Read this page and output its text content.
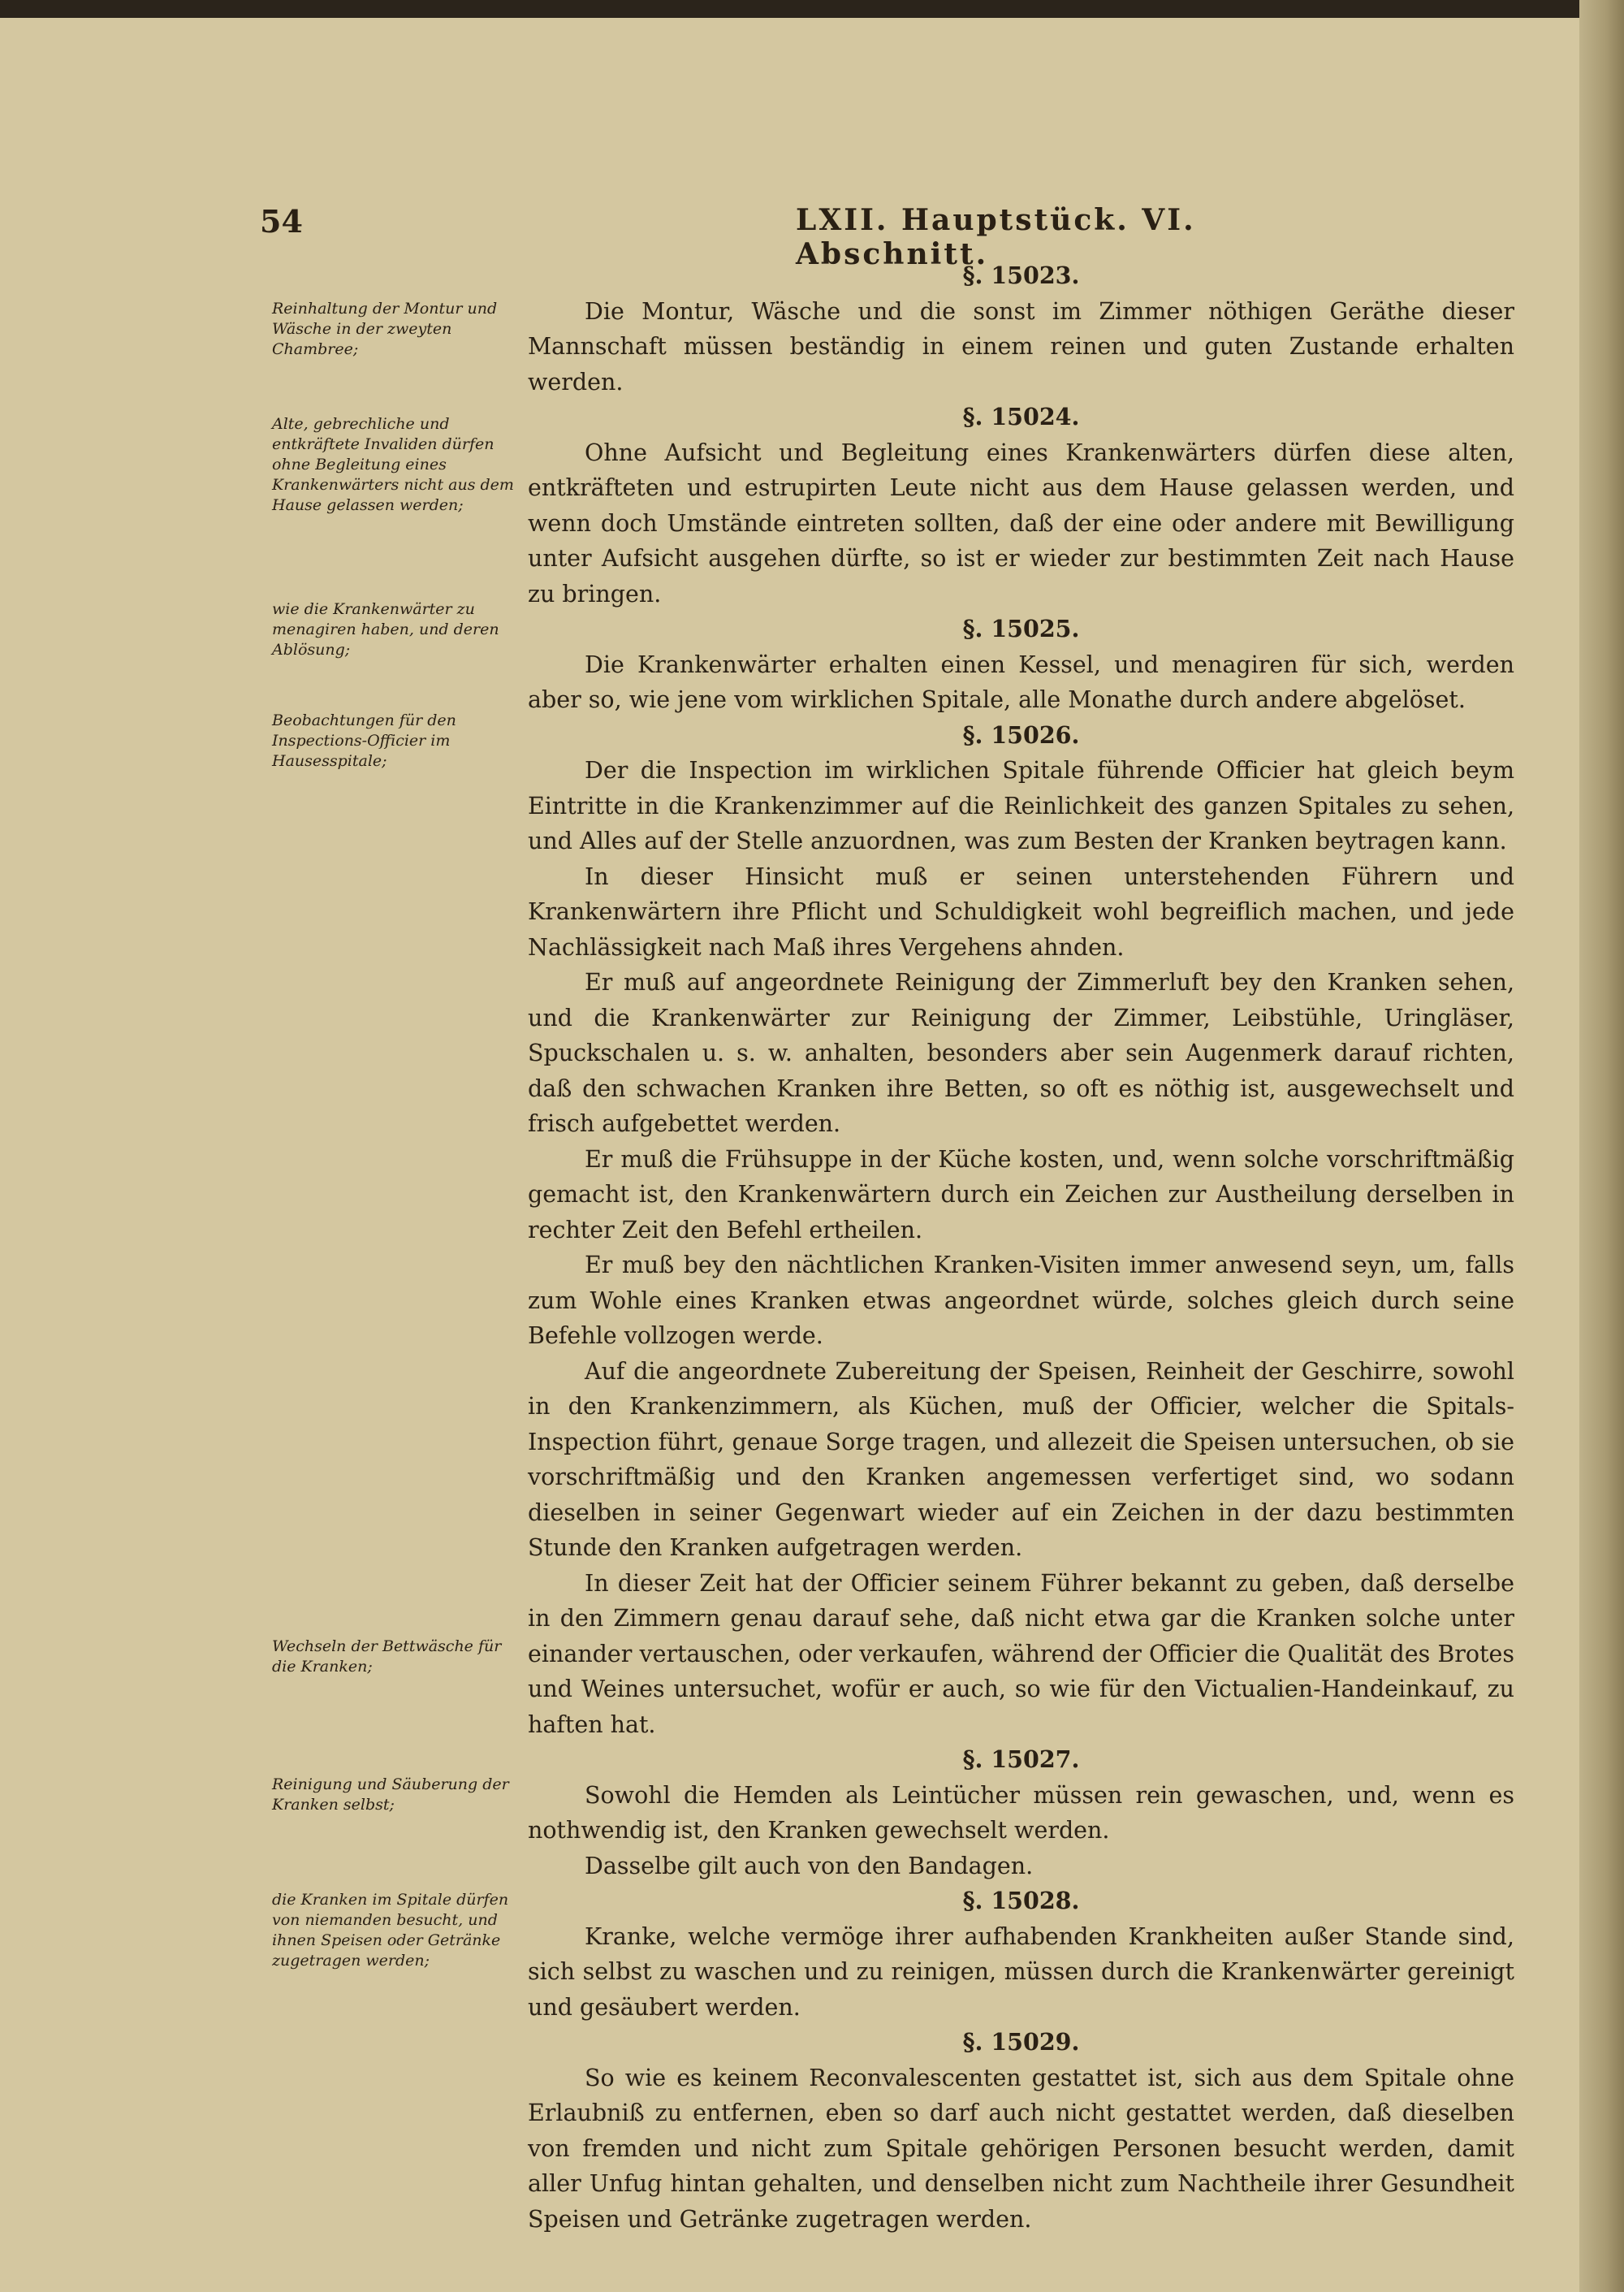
54	LXII. Hauptstück. VI. Abschnitt.
Reinhaltung der Montur und Wäsche in der zweyten Chambree;
Alte, gebrechliche und entkräftete Invaliden dürfen ohne Begleitung eines Krankenwärters nicht aus dem Hause gelassen werden;
wie die Krankenwärter zu menagiren haben, und deren Ablösung;
Beobachtungen für den Inspections-Officier im Hausesspitale;
Wechseln der Bettwäsche für die Kranken;
Reinigung und Säuberung der Kranken selbst;
die Kranken im Spitale dürfen von niemanden besucht, und ihnen Speisen oder Getränke zugetragen werden;

§. 15023.

Die Montur, Wäsche und die sonst im Zimmer nöthigen Geräthe dieser Mannschaft müssen beständig in einem reinen und guten Zustande erhalten werden.

§. 15024.

Ohne Aufsicht und Begleitung eines Krankenwärters dürfen diese alten, entkräfteten und estrupirten Leute nicht aus dem Hause gelassen werden, und wenn doch Umstände eintreten sollten, daß der eine oder andere mit Bewilligung unter Aufsicht ausgehen dürfte, so ist er wieder zur bestimmten Zeit nach Hause zu bringen.

§. 15025.

Die Krankenwärter erhalten einen Kessel, und menagiren für sich, werden aber so, wie jene vom wirklichen Spitale, alle Monathe durch andere abgelöset.

§. 15026.

Der die Inspection im wirklichen Spitale führende Officier hat gleich beym Eintritte in die Krankenzimmer auf die Reinlichkeit des ganzen Spitales zu sehen, und Alles auf der Stelle anzuordnen, was zum Besten der Kranken beytragen kann.

In dieser Hinsicht muß er seinen unterstehenden Führern und Krankenwärtern ihre Pflicht und Schuldigkeit wohl begreiflich machen, und jede Nachlässigkeit nach Maß ihres Vergehens ahnden.

Er muß auf angeordnete Reinigung der Zimmerluft bey den Kranken sehen, und die Krankenwärter zur Reinigung der Zimmer, Leibstühle, Uringläser, Spuckschalen u. s. w. anhalten, besonders aber sein Augenmerk darauf richten, daß den schwachen Kranken ihre Betten, so oft es nöthig ist, ausgewechselt und frisch aufgebettet werden.

Er muß die Frühsuppe in der Küche kosten, und, wenn solche vorschriftmäßig gemacht ist, den Krankenwärtern durch ein Zeichen zur Austheilung derselben in rechter Zeit den Befehl ertheilen.

Er muß bey den nächtlichen Kranken-Visiten immer anwesend seyn, um, falls zum Wohle eines Kranken etwas angeordnet würde, solches gleich durch seine Befehle vollzogen werde.

Auf die angeordnete Zubereitung der Speisen, Reinheit der Geschirre, sowohl in den Krankenzimmern, als Küchen, muß der Officier, welcher die Spitals-Inspection führt, genaue Sorge tragen, und allezeit die Speisen untersuchen, ob sie vorschriftmäßig und den Kranken angemessen verfertiget sind, wo sodann dieselben in seiner Gegenwart wieder auf ein Zeichen in der dazu bestimmten Stunde den Kranken aufgetragen werden.

In dieser Zeit hat der Officier seinem Führer bekannt zu geben, daß derselbe in den Zimmern genau darauf sehe, daß nicht etwa gar die Kranken solche unter einander vertauschen, oder verkaufen, während der Officier die Qualität des Brotes und Weines untersuchet, wofür er auch, so wie für den Victualien-Handeinkauf, zu haften hat.

§. 15027.

Sowohl die Hemden als Leintücher müssen rein gewaschen, und, wenn es nothwendig ist, den Kranken gewechselt werden.

Dasselbe gilt auch von den Bandagen.

§. 15028.

Kranke, welche vermöge ihrer aufhabenden Krankheiten außer Stande sind, sich selbst zu waschen und zu reinigen, müssen durch die Krankenwärter gereinigt und gesäubert werden.

§. 15029.

So wie es keinem Reconvalescenten gestattet ist, sich aus dem Spitale ohne Erlaubniß zu entfernen, eben so darf auch nicht gestattet werden, daß dieselben von fremden und nicht zum Spitale gehörigen Personen besucht werden, damit aller Unfug hintan gehalten, und denselben nicht zum Nachtheile ihrer Gesundheit Speisen und Getränke zugetragen werden.
